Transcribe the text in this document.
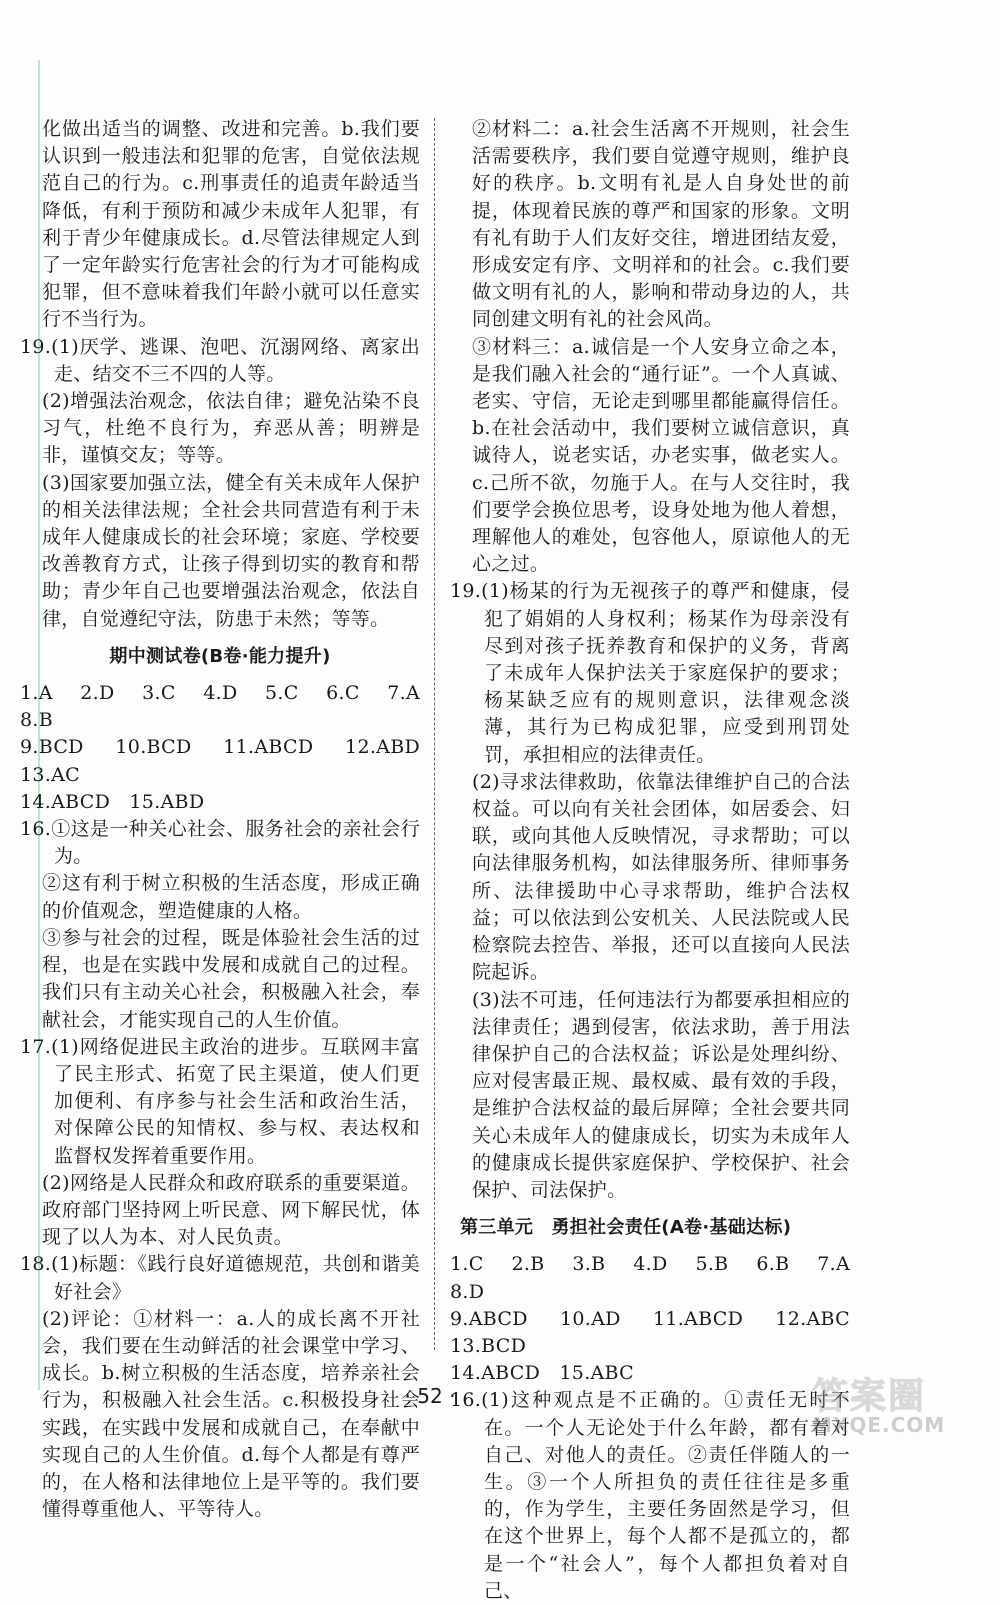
化做出适当的调整、改进和完善。b.我们要认识到一般违法和犯罪的危害，自觉依法规范自己的行为。c.刑事责任的追责年龄适当降低，有利于预防和减少未成年人犯罪，有利于青少年健康成长。d.尽管法律规定人到了一定年龄实行危害社会的行为才可能构成犯罪，但不意味着我们年龄小就可以任意实行不当行为。

19.(1)厌学、逃课、泡吧、沉溺网络、离家出走、结交不三不四的人等。

(2)增强法治观念，依法自律；避免沾染不良习气，杜绝不良行为，弃恶从善；明辨是非，谨慎交友；等等。

(3)国家要加强立法，健全有关未成年人保护的相关法律法规；全社会共同营造有利于未成年人健康成长的社会环境；家庭、学校要改善教育方式，让孩子得到切实的教育和帮助；青少年自己也要增强法治观念，依法自律，自觉遵纪守法，防患于未然；等等。

期中测试卷(B卷·能力提升)

1.A　2.D　3.C　4.D　5.C　6.C　7.A　8.B

9.BCD　10.BCD　11.ABCD　12.ABD　13.AC

14.ABCD　15.ABD

16.①这是一种关心社会、服务社会的亲社会行为。

②这有利于树立积极的生活态度，形成正确的价值观念，塑造健康的人格。

③参与社会的过程，既是体验社会生活的过程，也是在实践中发展和成就自己的过程。我们只有主动关心社会，积极融入社会，奉献社会，才能实现自己的人生价值。

17.(1)网络促进民主政治的进步。互联网丰富了民主形式、拓宽了民主渠道，使人们更加便利、有序参与社会生活和政治生活，对保障公民的知情权、参与权、表达权和监督权发挥着重要作用。

(2)网络是人民群众和政府联系的重要渠道。政府部门坚持网上听民意、网下解民忧，体现了以人为本、对人民负责。

18.(1)标题：《践行良好道德规范，共创和谐美好社会》

(2)评论：①材料一：a.人的成长离不开社会，我们要在生动鲜活的社会课堂中学习、成长。b.树立积极的生活态度，培养亲社会行为，积极融入社会生活。c.积极投身社会实践，在实践中发展和成就自己，在奉献中实现自己的人生价值。d.每个人都是有尊严的，在人格和法律地位上是平等的。我们要懂得尊重他人、平等待人。

②材料二：a.社会生活离不开规则，社会生活需要秩序，我们要自觉遵守规则，维护良好的秩序。b.文明有礼是人自身处世的前提，体现着民族的尊严和国家的形象。文明有礼有助于人们友好交往，增进团结友爱，形成安定有序、文明祥和的社会。c.我们要做文明有礼的人，影响和带动身边的人，共同创建文明有礼的社会风尚。

③材料三：a.诚信是一个人安身立命之本，是我们融入社会的“通行证”。一个人真诚、老实、守信，无论走到哪里都能赢得信任。b.在社会活动中，我们要树立诚信意识，真诚待人，说老实话，办老实事，做老实人。c.己所不欲，勿施于人。在与人交往时，我们要学会换位思考，设身处地为他人着想，理解他人的难处，包容他人，原谅他人的无心之过。

19.(1)杨某的行为无视孩子的尊严和健康，侵犯了娟娟的人身权利；杨某作为母亲没有尽到对孩子抚养教育和保护的义务，背离了未成年人保护法关于家庭保护的要求；杨某缺乏应有的规则意识，法律观念淡薄，其行为已构成犯罪，应受到刑罚处罚，承担相应的法律责任。

(2)寻求法律救助，依靠法律维护自己的合法权益。可以向有关社会团体，如居委会、妇联，或向其他人反映情况，寻求帮助；可以向法律服务机构，如法律服务所、律师事务所、法律援助中心寻求帮助，维护合法权益；可以依法到公安机关、人民法院或人民检察院去控告、举报，还可以直接向人民法院起诉。

(3)法不可违，任何违法行为都要承担相应的法律责任；遇到侵害，依法求助，善于用法律保护自己的合法权益；诉讼是处理纠纷、应对侵害最正规、最权威、最有效的手段，是维护合法权益的最后屏障；全社会要共同关心未成年人的健康成长，切实为未成年人的健康成长提供家庭保护、学校保护、社会保护、司法保护。

第三单元　勇担社会责任(A卷·基础达标)

1.C　2.B　3.B　4.D　5.B　6.B　7.A　8.D

9.ABCD　10.AD　11.ABCD　12.ABC　13.BCD

14.ABCD　15.ABC

16.(1)这种观点是不正确的。①责任无时不在。一个人无论处于什么年龄，都有着对自己、对他人的责任。②责任伴随人的一生。③一个人所担负的责任往往是多重的，作为学生，主要任务固然是学习，但在这个世界上，每个人都不是孤立的，都是一个“社会人”，每个人都担负着对自己、

· 52 ·	答案圈
MXQE.COM
